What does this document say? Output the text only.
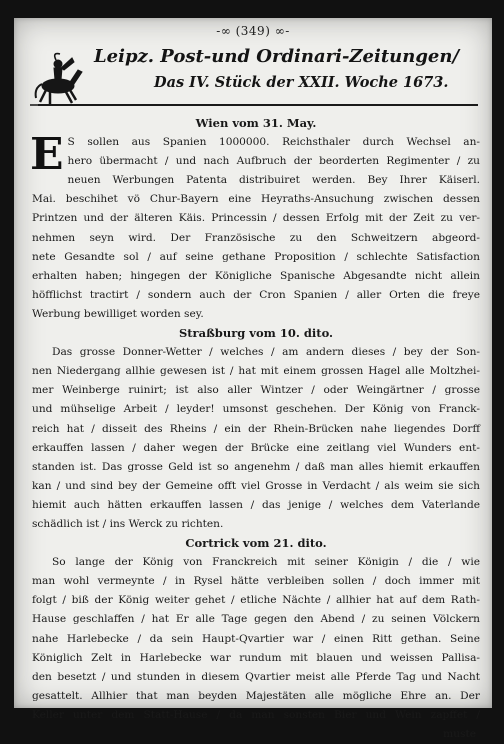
-∞ (349) ∞-
Leipz. Post-und Ordinari-Zeitungen/
Das IV. Stück der XXII. Woche 1673.

Wien vom 31. May.

E S sollen aus Spanien 1000000. Reichsthaler durch Wechsel an-

hero übermacht / und nach Aufbruch der beorderten Regimenter / zu

neuen Werbungen Patenta distribuiret werden. Bey Ihrer Käiserl.

Mai. beschihet vö Chur-Bayern eine Heyraths-Ansuchung zwischen dessen

Printzen und der älteren Käis. Princessin / dessen Erfolg mit der Zeit zu ver-

nehmen seyn wird. Der Französische zu den Schweitzern abgeord-

nete Gesandte sol / auf seine gethane Proposition / schlechte Satisfaction

erhalten haben; hingegen der Königliche Spanische Abgesandte nicht allein

höfflichst tractirt / sondern auch der Cron Spanien / aller Orten die freye

Werbung bewilliget worden sey.

Straßburg vom 10. dito.

Das grosse Donner-Wetter / welches / am andern dieses / bey der Son-

nen Niedergang allhie gewesen ist / hat mit einem grossen Hagel alle Moltzhei-

mer Weinberge ruinirt; ist also aller Wintzer / oder Weingärtner / grosse

und mühselige Arbeit / leyder! umsonst geschehen. Der König von Franck-

reich hat / disseit des Rheins / ein der Rhein-Brücken nahe liegendes Dorff

erkauffen lassen / daher wegen der Brücke eine zeitlang viel Wunders ent-

standen ist. Das grosse Geld ist so angenehm / daß man alles hiemit erkauffen

kan / und sind bey der Gemeine offt viel Grosse in Verdacht / als weim sie sich

hiemit auch hätten erkauffen lassen / das jenige / welches dem Vaterlande

schädlich ist / ins Werck zu richten.

Cortrick vom 21. dito.

So lange der König von Franckreich mit seiner Königin / die / wie

man wohl vermeynte / in Rysel hätte verbleiben sollen / doch immer mit

folgt / biß der König weiter gehet / etliche Nächte / allhier hat auf dem Rath-

Hause geschlaffen / hat Er alle Tage gegen den Abend / zu seinen Völckern

nahe Harlebecke / da sein Haupt-Qvartier war / einen Ritt gethan. Seine

Königlich Zelt in Harlebecke war rundum mit blauen und weissen Pallisa-

den besetzt / und stunden in diesem Qvartier meist alle Pferde Tag und Nacht

gesattelt. Allhier that man beyden Majestäten alle mögliche Ehre an. Der

Keller unter dem Statt-Hause / da man sonsten Bier und Wein zapffet /

muste
